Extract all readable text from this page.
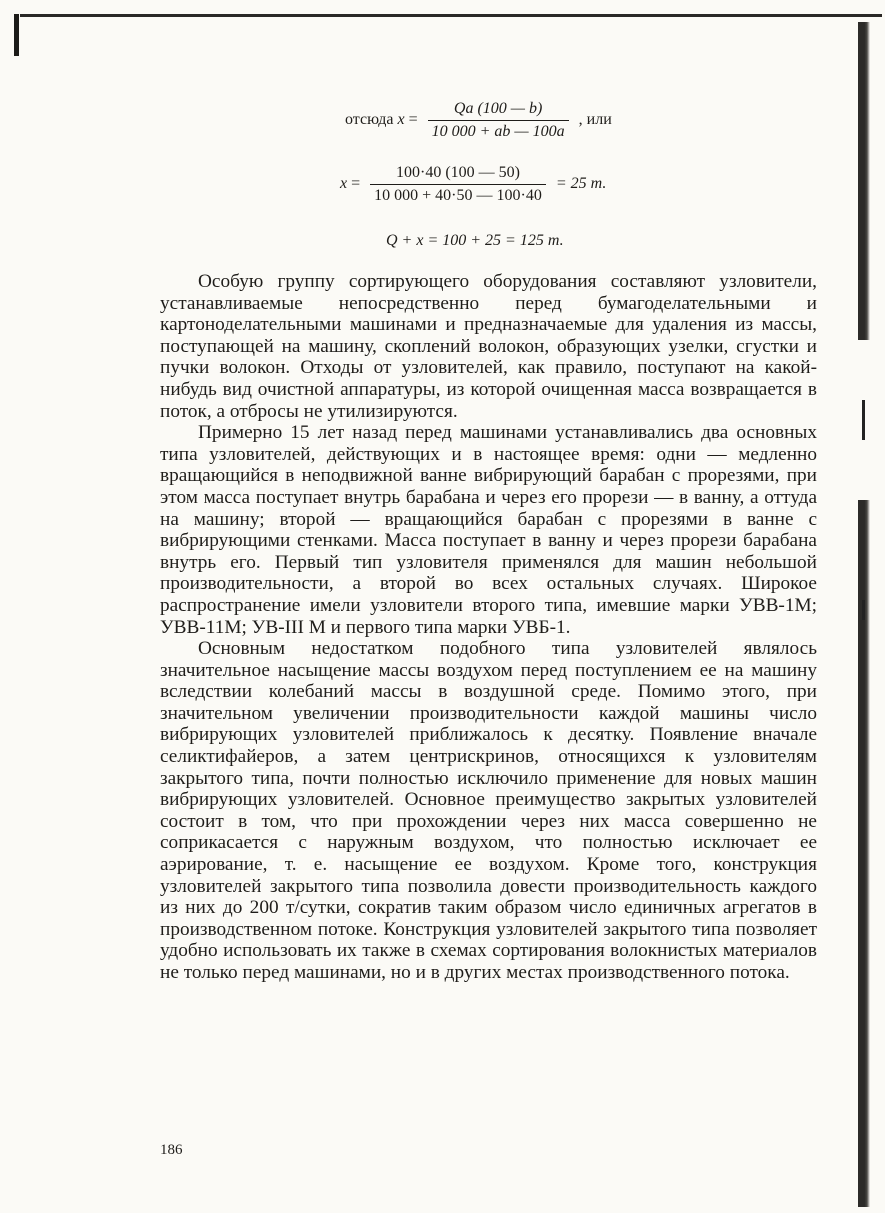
отсюда $x = \frac{Qa (100 — b)}{10 000 + ab — 100a}$ , или
$x = \frac{100\cdot 40 (100 — 50)}{10 000 + 40\cdot 50 — 100\cdot 40} = 25$ т.
Q + x = 100 + 25 = 125 т.

Особую группу сортирующего оборудования составляют узловители, устанавливаемые непосредственно перед бумагоделательными и картоноделательными машинами и предназначаемые для удаления из массы, поступающей на машину, скоплений волокон, образующих узелки, сгустки и пучки волокон. Отходы от узловителей, как правило, поступают на какой-нибудь вид очистной аппаратуры, из которой очищенная масса возвращается в поток, а отбросы не утилизируются.

Примерно 15 лет назад перед машинами устанавливались два основных типа узловителей, действующих и в настоящее время: одни — медленно вращающийся в неподвижной ванне вибрирующий барабан с прорезями, при этом масса поступает внутрь барабана и через его прорези — в ванну, а оттуда на машину; второй — вращающийся барабан с прорезями в ванне с вибрирующими стенками. Масса поступает в ванну и через прорези барабана внутрь его. Первый тип узловителя применялся для машин небольшой производительности, а второй во всех остальных случаях. Широкое распространение имели узловители второго типа, имевшие марки УВВ-1М; УВВ-11М; УВ-III М и первого типа марки УВБ-1.

Основным недостатком подобного типа узловителей являлось значительное насыщение массы воздухом перед поступлением ее на машину вследствии колебаний массы в воздушной среде. Помимо этого, при значительном увеличении производительности каждой машины число вибрирующих узловителей приближалось к десятку. Появление вначале селиктифайеров, а затем центрискринов, относящихся к узловителям закрытого типа, почти полностью исключило применение для новых машин вибрирующих узловителей. Основное преимущество закрытых узловителей состоит в том, что при прохождении через них масса совершенно не соприкасается с наружным воздухом, что полностью исключает ее аэрирование, т. е. насыщение ее воздухом. Кроме того, конструкция узловителей закрытого типа позволила довести производительность каждого из них до 200 т/сутки, сократив таким образом число единичных агрегатов в производственном потоке. Конструкция узловителей закрытого типа позволяет удобно использовать их также в схемах сортирования волокнистых материалов не только перед машинами, но и в других местах производственного потока.

186
